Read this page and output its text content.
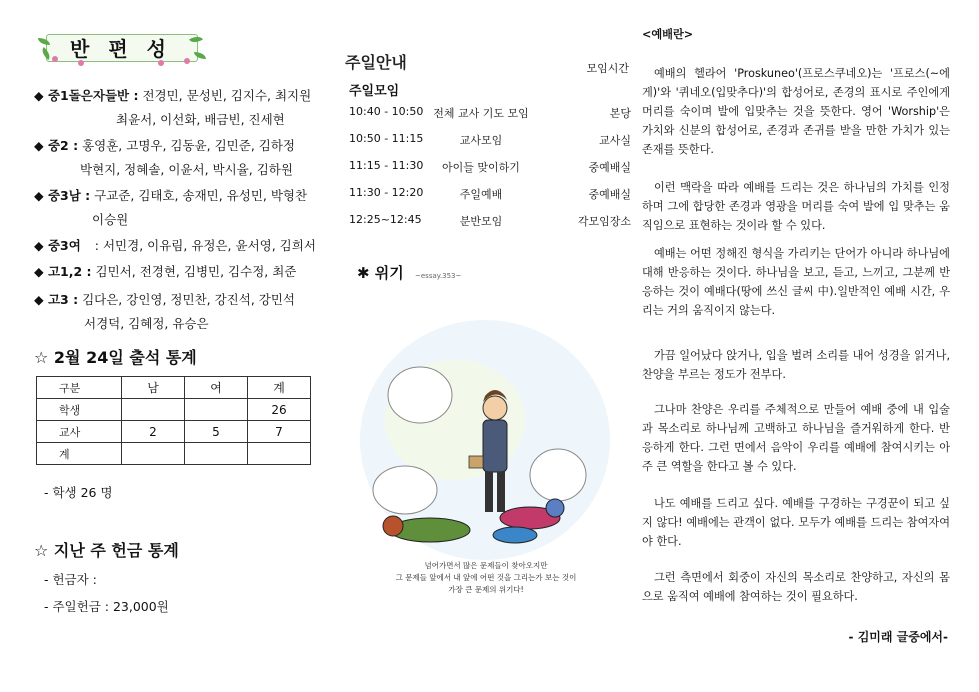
반 편 성
◆ 중1돌은자들반 : 전경민, 문성빈, 김지수, 최지원
최윤서, 이선화, 배금빈, 진세현
◆ 중2 : 홍영훈, 고명우, 김동윤, 김민준, 김하정
박현지, 정혜솔, 이윤서, 박시율, 김하원
◆ 중3남 : 구교준, 김태호, 송재민, 유성민, 박형찬
이승원
◆ 중3여 : 서민경, 이유림, 유정은, 윤서영, 김희서
◆ 고1,2 : 김민서, 전경현, 김병민, 김수정, 최준
◆ 고3 : 김다은, 강인영, 정민찬, 강진석, 강민석
서경덕, 김혜정, 유승은
☆ 2월 24일 출석 통계
구분	남	여	계
학생			26
교사	2	5	7
계			
- 학생 26 명
☆ 지난 주 헌금 통계
- 헌금자 :
- 주일헌금 : 23,000원
주일안내	모임시간
주일모임
10:40 - 10:50 전체 교사 기도 모임	본당
10:50 - 11:15	교사모임	교사실
11:15 - 11:30 아이들 맞이하기	중예배실
11:30 - 12:20	주일예배	중예배실
12:25~12:45	분반모임	각모임장소
✱ 위기 ~essay.353~
넘어가면서 많은 문제들이 찾아오지만
그 문제들 앞에서 내 앞에 어떤 것을 그리는가 보는 것이
가장 큰 문제의 위기다!
<예배란>
예배의 헬라어 'Proskuneo'(프로스쿠네오)는 '프로스(~에게)'와 '퀴네오(입맞추다)'의 합성어로, 존경의 표시로 주인에게 머리를 숙이며 발에 입맞추는 것을 뜻한다. 영어 'Worship'은 가치와 신분의 합성어로, 존경과 존귀를 받을 만한 가치가 있는 존재를 뜻한다.
이런 맥락을 따라 예배를 드리는 것은 하나님의 가치를 인정하며 그에 합당한 존경과 영광을 머리를 숙여 발에 입 맞추는 움직임으로 표현하는 것이라 할 수 있다.
예배는 어떤 정해진 형식을 가리키는 단어가 아니라 하나님에 대해 반응하는 것이다. 하나님을 보고, 듣고, 느끼고, 그분께 반응하는 것이 예배다(땅에 쓰신 글씨 中).일반적인 예배 시간, 우리는 거의 움직이지 않는다.
가끔 일어났다 앉거나, 입을 벌려 소리를 내어 성경을 읽거나, 찬양을 부르는 정도가 전부다.
그나마 찬양은 우리를 주체적으로 만들어 예배 중에 내 입술과 목소리로 하나님께 고백하고 하나님을 즐거워하게 한다. 반응하게 한다. 그런 면에서 음악이 우리를 예배에 참여시키는 아주 큰 역할을 한다고 볼 수 있다.
나도 예배를 드리고 싶다. 예배를 구경하는 구경꾼이 되고 싶지 않다! 예배에는 관객이 없다. 모두가 예배를 드리는 참여자여야 한다.
그런 측면에서 회중이 자신의 목소리로 찬양하고, 자신의 몸으로 움직여 예배에 참여하는 것이 필요하다.
- 김미래 글중에서-
